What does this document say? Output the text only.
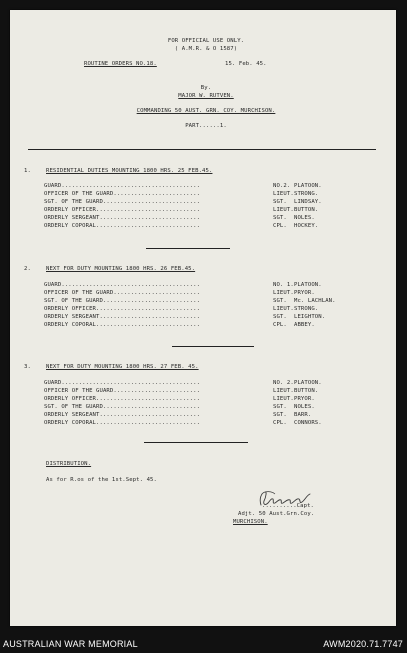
FOR OFFICIAL USE ONLY.
( A.M.R. & O 1587)
ROUTINE ORDERS NO.18.	15. Feb. 45.
By.
MAJOR W. RUTVEN.
COMMANDING 50 AUST. GRN. COY. MURCHISON.
PART......1.
1.	RESIDENTIAL DUTIES MOUNTING 1800 HRS. 25 FEB.45.
GUARD........................................	NO.2. PLATOON.
OFFICER OF THE GUARD.........................	LIEUT. STRONG.
SGT. OF THE GUARD............................	SGT. LINDSAY.
ORDERLY OFFICER..............................	LIEUT. BUTTON.
ORDERLY SERGEANT.............................	SGT. NOLES.
ORDERLY COPORAL..............................	CPL. HOCKEY.
2.	NEXT FOR DUTY MOUNTING 1800 HRS. 26 FEB.45.
GUARD........................................	NO. 1. PLATOON.
OFFICER OF THE GUARD.........................	LIEUT. PRYOR.
SGT. OF THE GUARD............................	SGT. Mc. LACHLAN.
ORDERLY OFFICER..............................	LIEUT. STRONG.
ORDERLY SERGEANT.............................	SGT. LEIGHTON.
ORDERLY COPORAL..............................	CPL. ABBEY.
3.	NEXT FOR DUTY MOUNTING 1800 HRS. 27 FEB. 45.
GUARD........................................	NO. 2. PLATOON.
OFFICER OF THE GUARD.........................	LIEUT. BUTTON.
ORDERLY OFFICER..............................	LIEUT. PRYOR.
SGT. OF THE GUARD............................	SGT. NOLES.
ORDERLY SERGEANT.............................	SGT. BARR.
ORDERLY COPORAL..............................	CPL. CONNORS.
DISTRIBUTION.
As for R.os of the 1st.Sept. 45.
..........Capt.
Adjt. 50 Aust.Grn.Coy.
MURCHISON.
AUSTRALIAN WAR MEMORIAL	AWM2020.71.7747
